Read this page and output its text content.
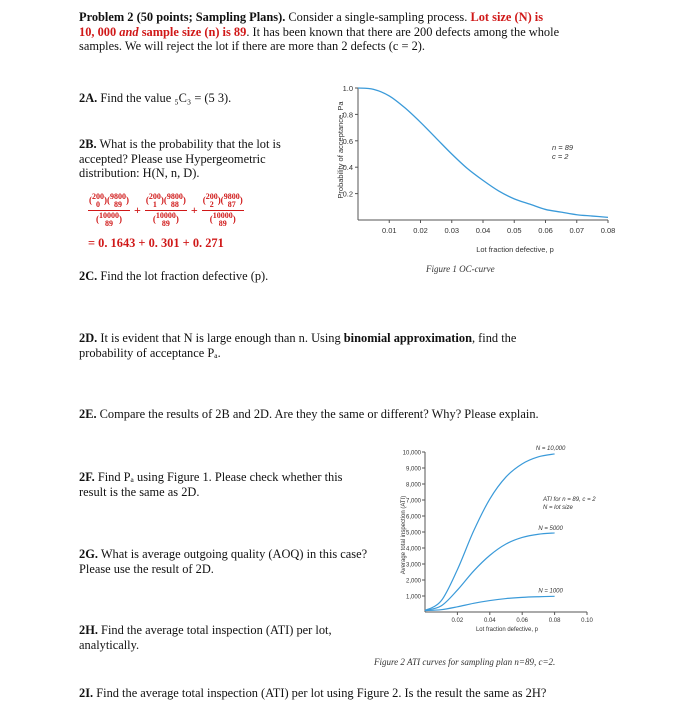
Problem 2 (50 points; Sampling Plans). Consider a single-sampling process. Lot size (N) is
10, 000 and sample size (n) is 89. It has been known that there are 200 defects among the whole
samples. We will reject the lot if there are more than 2 defects (c = 2).
2A. Find the value ₅C₃ = (5 3).
2B. What is the probability that the lot is
accepted? Please use Hypergeometric
distribution: H(N, n, D).
(200
0 )(9800
89 )
(10000
89 )
+
(200
1 )(9800
88 )
(10000
89 )
+
(200
2 )(9800
87 )
(10000
89 )
= 0. 1643 + 0. 301 + 0. 271
2C. Find the lot fraction defective (p).
1.0
0.8
0.6
0.4
0.2
0.01 0.02 0.03 0.04 0.05 0.06 0.07 0.08
Lot fraction defective, p
Probability of acceptance, Pa	n = 89
c = 2
Figure 1 OC-curve
2D. It is evident that N is large enough than n. Using binomial approximation, find the
probability of acceptance Pₐ.
2E. Compare the results of 2B and 2D. Are they the same or different? Why? Please explain.
2F. Find Pₐ using Figure 1. Please check whether this
result is the same as 2D.
2G. What is average outgoing quality (AOQ) in this case?
Please use the result of 2D.
2H. Find the average total inspection (ATI) per lot,
analytically.
10,000
9,000
8,000
7,000
6,000
5,000
4,000
3,000
2,000
1,000
0.02	0.04	0.06	0.08	0.10
Lot fraction defective, p
Average total inspection (ATI)
N = 10,000
N = 5000
N = 1000
ATI for n = 89, c = 2
N = lot size
Figure 2 ATI curves for sampling plan n=89, c=2.
2I. Find the average total inspection (ATI) per lot using Figure 2. Is the result the same as 2H?
